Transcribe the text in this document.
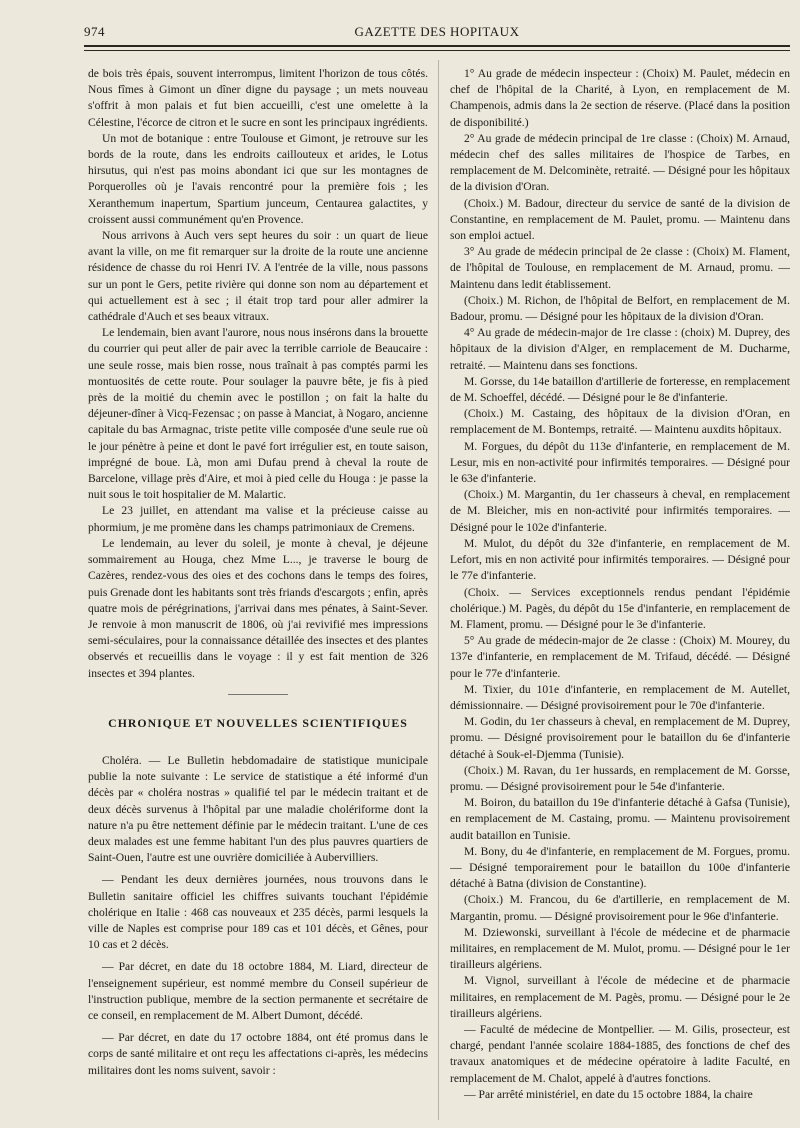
974	GAZETTE DES HOPITAUX

de bois très épais, souvent interrompus, limitent l'horizon de tous côtés. Nous fîmes à Gimont un dîner digne du paysage ; un mets nouveau s'offrit à mon palais et fut bien accueilli, c'est une omelette à la Célestine, l'écorce de citron et le sucre en sont les principaux ingrédients.

Un mot de botanique : entre Toulouse et Gimont, je retrouve sur les bords de la route, dans les endroits caillouteux et arides, le Lotus hirsutus, qui n'est pas moins abondant ici que sur les montagnes de Porquerolles où je l'avais rencontré pour la première fois ; les Xeranthemum inapertum, Spartium junceum, Centaurea galactites, y croissent aussi communément qu'en Provence.

Nous arrivons à Auch vers sept heures du soir : un quart de lieue avant la ville, on me fit remarquer sur la droite de la route une ancienne résidence de chasse du roi Henri IV. A l'entrée de la ville, nous passons sur un pont le Gers, petite rivière qui donne son nom au département et qui actuellement est à sec ; il était trop tard pour aller admirer la cathédrale d'Auch et ses beaux vitraux.

Le lendemain, bien avant l'aurore, nous nous insérons dans la brouette du courrier qui peut aller de pair avec la terrible carriole de Beaucaire : une seule rosse, mais bien rosse, nous traînait à pas comptés parmi les montuosités de cette route. Pour soulager la pauvre bête, je fis à pied près de la moitié du chemin avec le postillon ; on fait la halte du déjeuner-dîner à Vicq-Fezensac ; on passe à Manciat, à Nogaro, ancienne capitale du bas Armagnac, triste petite ville composée d'une seule rue où le jour pénètre à peine et dont le pavé fort irrégulier est, en toute saison, imprégné de boue. Là, mon ami Dufau prend à cheval la route de Barcelone, village près d'Aire, et moi à pied celle du Houga : je passe la nuit sous le toit hospitalier de M. Malartic.

Le 23 juillet, en attendant ma valise et la précieuse caisse au phormium, je me promène dans les champs patrimoniaux de Cremens.

Le lendemain, au lever du soleil, je monte à cheval, je déjeune sommairement au Houga, chez Mme L..., je traverse le bourg de Cazères, rendez-vous des oies et des cochons dans le temps des foires, puis Grenade dont les habitants sont très friands d'escargots ; enfin, après quatre mois de pérégrinations, j'arrivai dans mes pénates, à Saint-Sever. Je renvoie à mon manuscrit de 1806, où j'ai revivifié mes impressions semi-séculaires, pour la connaissance détaillée des insectes et des plantes observés et recueillis dans le voyage : il y est fait mention de 326 insectes et 394 plantes.

CHRONIQUE ET NOUVELLES SCIENTIFIQUES

Choléra. — Le Bulletin hebdomadaire de statistique municipale publie la note suivante : Le service de statistique a été informé d'un décès par « choléra nostras » qualifié tel par le médecin traitant et de deux décès survenus à l'hôpital par une maladie cholériforme dont la nature n'a pu être nettement définie par le médecin traitant. L'une de ces deux malades est une femme habitant l'un des plus pauvres quartiers de Saint-Ouen, l'autre est une ouvrière domiciliée à Aubervilliers.

— Pendant les deux dernières journées, nous trouvons dans le Bulletin sanitaire officiel les chiffres suivants touchant l'épidémie cholérique en Italie : 468 cas nouveaux et 235 décès, parmi lesquels la ville de Naples est comprise pour 189 cas et 101 décès, et Gênes, pour 10 cas et 2 décès.

— Par décret, en date du 18 octobre 1884, M. Liard, directeur de l'enseignement supérieur, est nommé membre du Conseil supérieur de l'instruction publique, membre de la section permanente et secrétaire de ce conseil, en remplacement de M. Albert Dumont, décédé.

— Par décret, en date du 17 octobre 1884, ont été promus dans le corps de santé militaire et ont reçu les affectations ci-après, les médecins militaires dont les noms suivent, savoir :

1° Au grade de médecin inspecteur : (Choix) M. Paulet, médecin en chef de l'hôpital de la Charité, à Lyon, en remplacement de M. Champenois, admis dans la 2e section de réserve. (Placé dans la position de disponibilité.)

2° Au grade de médecin principal de 1re classe : (Choix) M. Arnaud, médecin chef des salles militaires de l'hospice de Tarbes, en remplacement de M. Delcominète, retraité. — Désigné pour les hôpitaux de la division d'Oran.

(Choix.) M. Badour, directeur du service de santé de la division de Constantine, en remplacement de M. Paulet, promu. — Maintenu dans son emploi actuel.

3° Au grade de médecin principal de 2e classe : (Choix) M. Flament, de l'hôpital de Toulouse, en remplacement de M. Arnaud, promu. — Maintenu dans ledit établissement.

(Choix.) M. Richon, de l'hôpital de Belfort, en remplacement de M. Badour, promu. — Désigné pour les hôpitaux de la division d'Oran.

4° Au grade de médecin-major de 1re classe : (choix) M. Duprey, des hôpitaux de la division d'Alger, en remplacement de M. Ducharme, retraité. — Maintenu dans ses fonctions.

M. Gorsse, du 14e bataillon d'artillerie de forteresse, en remplacement de M. Schoeffel, décédé. — Désigné pour le 8e d'infanterie.

(Choix.) M. Castaing, des hôpitaux de la division d'Oran, en remplacement de M. Bontemps, retraité. — Maintenu auxdits hôpitaux.

M. Forgues, du dépôt du 113e d'infanterie, en remplacement de M. Lesur, mis en non-activité pour infirmités temporaires. — Désigné pour le 63e d'infanterie.

(Choix.) M. Margantin, du 1er chasseurs à cheval, en remplacement de M. Bleicher, mis en non-activité pour infirmités temporaires. — Désigné pour le 102e d'infanterie.

M. Mulot, du dépôt du 32e d'infanterie, en remplacement de M. Lefort, mis en non activité pour infirmités temporaires. — Désigné pour le 77e d'infanterie.

(Choix. — Services exceptionnels rendus pendant l'épidémie cholérique.) M. Pagès, du dépôt du 15e d'infanterie, en remplacement de M. Flament, promu. — Désigné pour le 3e d'infanterie.

5° Au grade de médecin-major de 2e classe : (Choix) M. Mourey, du 137e d'infanterie, en remplacement de M. Trifaud, décédé. — Désigné pour le 77e d'infanterie.

M. Tixier, du 101e d'infanterie, en remplacement de M. Autellet, démissionnaire. — Désigné provisoirement pour le 70e d'infanterie.

M. Godin, du 1er chasseurs à cheval, en remplacement de M. Duprey, promu. — Désigné provisoirement pour le bataillon du 6e d'infanterie détaché à Souk-el-Djemma (Tunisie).

(Choix.) M. Ravan, du 1er hussards, en remplacement de M. Gorsse, promu. — Désigné provisoirement pour le 54e d'infanterie.

M. Boiron, du bataillon du 19e d'infanterie détaché à Gafsa (Tunisie), en remplacement de M. Castaing, promu. — Maintenu provisoirement audit bataillon en Tunisie.

M. Bony, du 4e d'infanterie, en remplacement de M. Forgues, promu. — Désigné temporairement pour le bataillon du 100e d'infanterie détaché à Batna (division de Constantine).

(Choix.) M. Francou, du 6e d'artillerie, en remplacement de M. Margantin, promu. — Désigné provisoirement pour le 96e d'infanterie.

M. Dziewonski, surveillant à l'école de médecine et de pharmacie militaires, en remplacement de M. Mulot, promu. — Désigné pour le 1er tirailleurs algériens.

M. Vignol, surveillant à l'école de médecine et de pharmacie militaires, en remplacement de M. Pagès, promu. — Désigné pour le 2e tirailleurs algériens.

— Faculté de médecine de Montpellier. — M. Gilis, prosecteur, est chargé, pendant l'année scolaire 1884-1885, des fonctions de chef des travaux anatomiques et de médecine opératoire à ladite Faculté, en remplacement de M. Chalot, appelé à d'autres fonctions.

— Par arrêté ministériel, en date du 15 octobre 1884, la chaire
